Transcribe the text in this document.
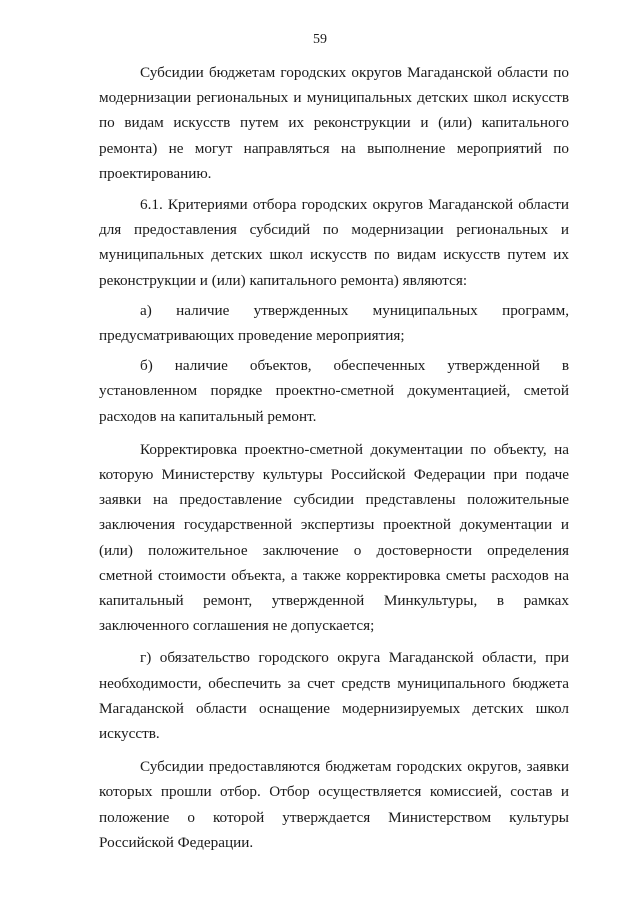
59

Субсидии бюджетам городских округов Магаданской области по модернизации региональных и муниципальных детских школ искусств по видам искусств путем их реконструкции и (или) капитального ремонта) не могут направляться на выполнение мероприятий по проектированию.

6.1. Критериями отбора городских округов Магаданской области для предоставления субсидий по модернизации региональных и муниципальных детских школ искусств по видам искусств путем их реконструкции и (или) капитального ремонта) являются:

а) наличие утвержденных муниципальных программ, предусматривающих проведение мероприятия;

б) наличие объектов, обеспеченных утвержденной в установленном порядке проектно-сметной документацией, сметой расходов на капитальный ремонт.

Корректировка проектно-сметной документации по объекту, на которую Министерству культуры Российской Федерации при подаче заявки на предоставление субсидии представлены положительные заключения государственной экспертизы проектной документации и (или) положительное заключение о достоверности определения сметной стоимости объекта, а также корректировка сметы расходов на капитальный ремонт, утвержденной Минкультуры, в рамках заключенного соглашения не допускается;

г) обязательство городского округа Магаданской области, при необходимости, обеспечить за счет средств муниципального бюджета Магаданской области оснащение модернизируемых детских школ искусств.

Субсидии предоставляются бюджетам городских округов, заявки которых прошли отбор. Отбор осуществляется комиссией, состав и положение о которой утверждается Министерством культуры Российской Федерации.
